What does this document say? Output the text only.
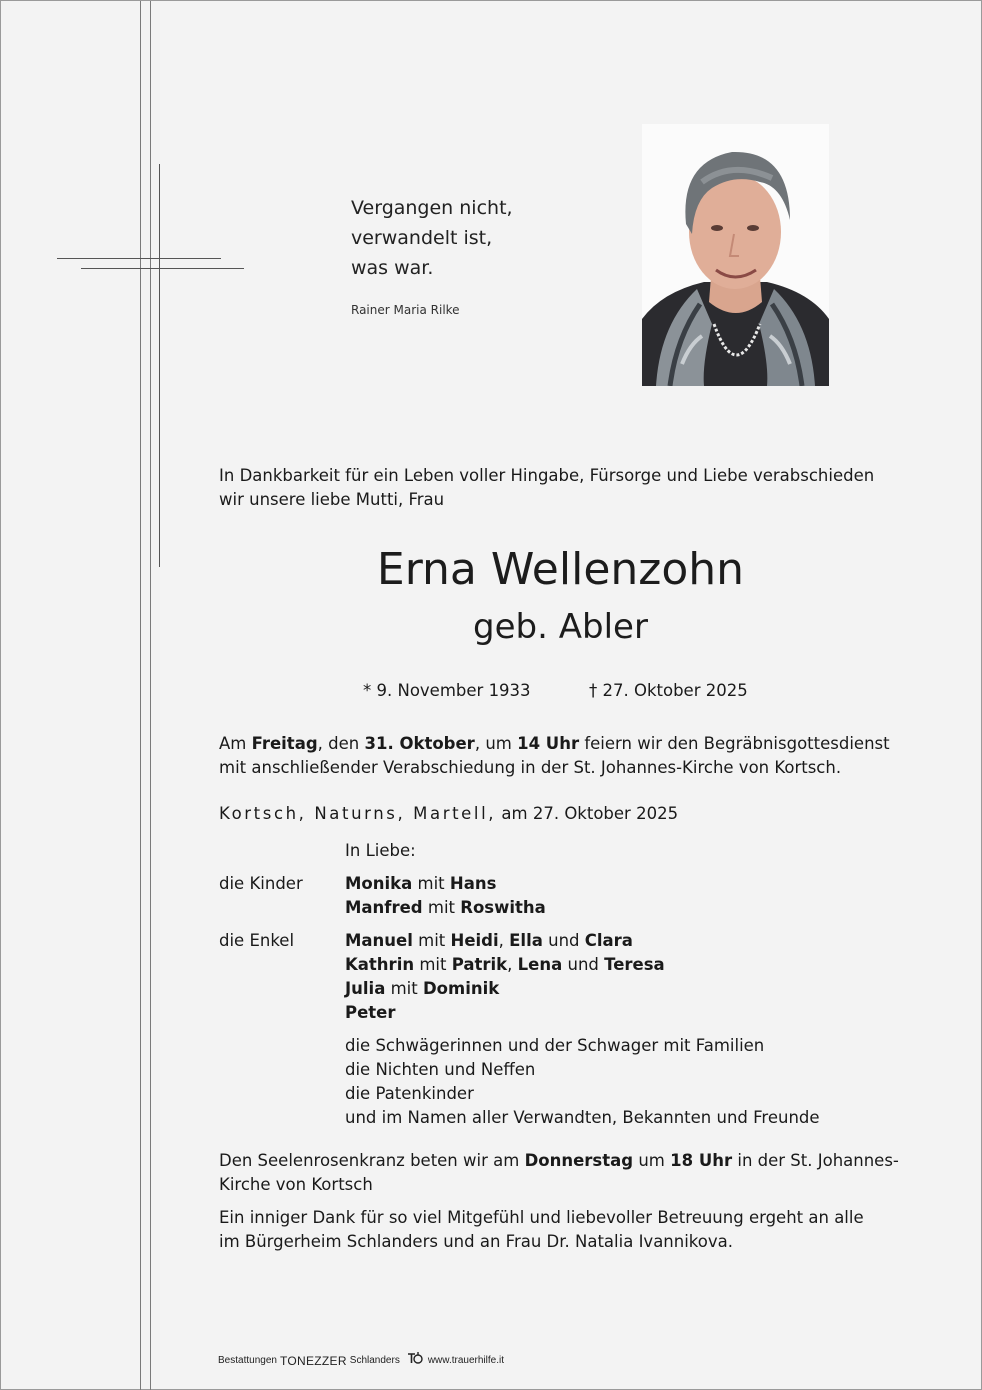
Vergangen nicht,
verwandelt ist,
was war.
Rainer Maria Rilke
In Dankbarkeit für ein Leben voller Hingabe, Fürsorge und Liebe verabschieden
wir unsere liebe Mutti, Frau
Erna Wellenzohn
geb. Abler
* 9. November 1933	† 27. Oktober 2025
Am Freitag, den 31. Oktober, um 14 Uhr feiern wir den Begräbnisgottesdienst
mit anschließender Verabschiedung in der St. Johannes-Kirche von Kortsch.
Kortsch, Naturns, Martell, am 27. Oktober 2025
In Liebe:
die Kinder	Monika mit Hans
Manfred mit Roswitha
die Enkel	Manuel mit Heidi, Ella und Clara
Kathrin mit Patrik, Lena und Teresa
Julia mit Dominik
Peter
die Schwägerinnen und der Schwager mit Familien
die Nichten und Neffen
die Patenkinder
und im Namen aller Verwandten, Bekannten und Freunde
Den Seelenrosenkranz beten wir am Donnerstag um 18 Uhr in der St. Johannes-
Kirche von Kortsch
Ein inniger Dank für so viel Mitgefühl und liebevoller Betreuung ergeht an alle
im Bürgerheim Schlanders und an Frau Dr. Natalia Ivannikova.
Bestattungen TONEZZER Schlanders	www.trauerhilfe.it
